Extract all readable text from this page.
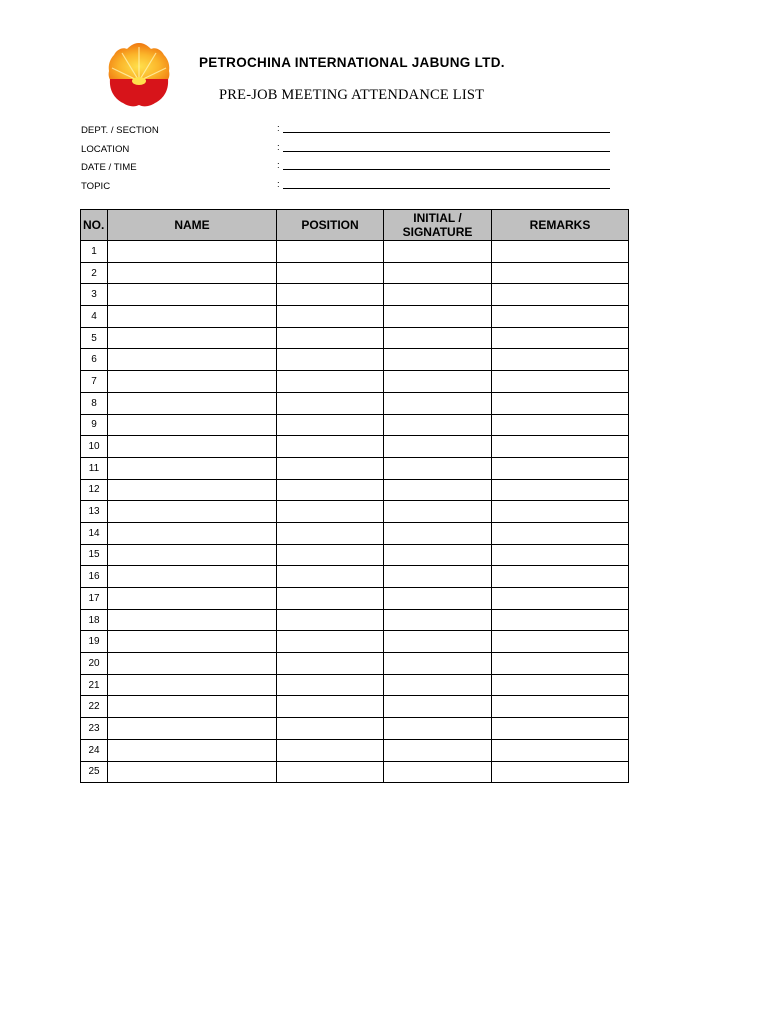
PETROCHINA INTERNATIONAL JABUNG LTD.
PRE-JOB MEETING ATTENDANCE LIST
DEPT. / SECTION	:
LOCATION	:
DATE / TIME	:
TOPIC	:
NO.	NAME	POSITION	INITIAL /
SIGNATURE	REMARKS
1				
2				
3				
4				
5				
6				
7				
8				
9				
10				
11				
12				
13				
14				
15				
16				
17				
18				
19				
20				
21				
22				
23				
24				
25				
